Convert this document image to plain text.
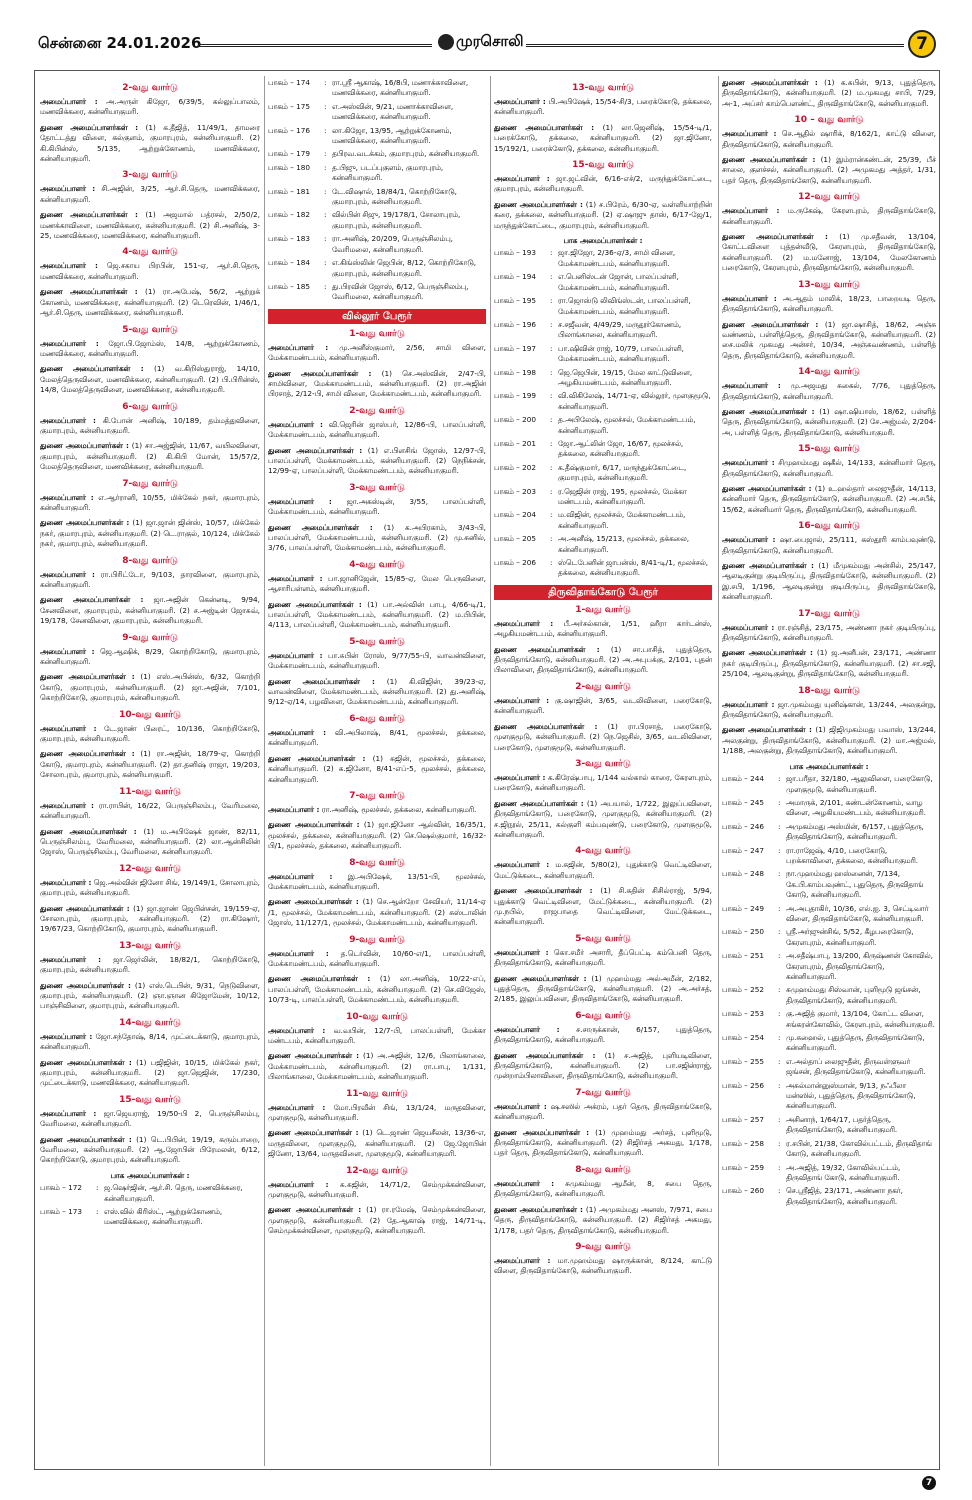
சென்னை 24.01.2026	முரசொலி	7
2-வது வார்டு
அமைப்பாளர் : அ.அருள் கிஜோ, 6/39/5, கல்லுப்பாலம், மணவிக்கரை, கன்னியாகுமரி.
துணை அமைப்பாளர்கள் : (1) க.தீஜித், 11/49/1, தாமரை தோட்டத்து விளை, கல்குளம், குமாரபுரம், கன்னியாகுமரி. (2) கி.கிபின்ஸ், 5/135, ஆற்றுக்கோணம், மணவிக்கரை, கன்னியாகுமரி.
3-வது வார்டு
அமைப்பாளர் : சி.அஜின், 3/25, ஆர்.சி.தெரு, மணவிக்கரை, கன்னியாகுமரி.
துணை அமைப்பாளர்கள் : (1) அஜமால் பத்ரசல், 2/50/2, மணக்காவிளை, மணவிக்கரை, கன்னியாகுமரி. (2) சி.அனிஷ், 3-25, மணவிக்கரை, மணவிக்கரை, கன்னியாகுமரி.
4-வது வார்டு
அமைப்பாளர் : ஜெ.சகாய பிரபின், 151-ஏ, ஆர்.சி.தெரு, மணவிக்கரை, கன்னியாகுமரி.
துணை அமைப்பாளர்கள் : (1) ரா.அபேஷ், 56/2, ஆற்றுக் கோணம், மணவிக்கரை, கன்னியாகுமரி. (2) டெரெவின், 1/46/1, ஆர்.சி.தெரு, மணவிக்கரை, கன்னியாகுமரி.
5-வது வார்டு
அமைப்பாளர் : ஜோ.பி.ஜோம்ஸ், 14/8, ஆற்றுக்கோணம், மணவிக்கரை, கன்னியாகுமரி.
துணை அமைப்பாளர்கள் : (1) வ.கிறிஸ்துராஜ், 14/10, மேலத்தெருவிளை, மணவிக்கரை, கன்னியாகுமரி. (2) பி.பிரின்ஸ், 14/8, மேலத்தெருவிளை, மணவிக்கரை, கன்னியாகுமரி.
6-வது வார்டு
அமைப்பாளர் : கி.போன் அனிஷ், 10/189, தம்மத்துவிளை, குமாரபுரம், கன்னியாகுமரி.
துணை அமைப்பாளர்கள் : (1) சா.அஜ்ஜின், 11/67, வயிலவிளை, குமாரபுரம், கன்னியாகுமரி. (2) கி.கிபி மோன், 15/57/2, மேலத்தெருவிளை, மணவிக்கரை, கன்னியாகுமரி.
7-வது வார்டு
அமைப்பாளர் : எ.ஆர்ரானி, 10/55, மிக்கேல் நகர், குமாரபுரம், கன்னியாகுமரி.
துணை அமைப்பாளர்கள் : (1) ஜா.ஜான் ஜின்ஸ், 10/57, மிக்கேல் நகர், குமாரபுரம், கன்னியாகுமரி. (2) டெ.ராகுல், 10/124, மிக்கேல் நகர், குமாரபுரம், கன்னியாகுமரி.
8-வது வார்டு
அமைப்பாளர் : ரா.பிரிட்டோ, 9/103, தாரவிளை, குமாரபுரம், கன்னியாகுமரி.
துணை அமைப்பாளர்கள் : ஜா.அஜின் கென்னடி, 9/94, சேனவிளை, குமாரபுரம், கன்னியாகுமரி. (2) ச.அஜ்டின் ஜோசுவ், 19/178, சேனவிளை, குமாரபுரம், கன்னியாகுமரி.
9-வது வார்டு
அமைப்பாளர் : ஜெ.ஆஷிக், 8/29, கொற்றிகோடு, குமாரபுரம், கன்னியாகுமரி.
துணை அமைப்பாளர்கள் : (1) எஸ்.அபின்ஸ், 6/32, கொற்றி கோடு, குமாரபுரம், கன்னியாகுமரி. (2) ஜா.அஜின், 7/101, கொற்றிகோடு, குமாரபுரம், கன்னியாகுமரி.
10-வது வார்டு
அமைப்பாளர் : டே.ஜாண் பிரைட், 10/136, கொற்றிகோடு, குமாரபுரம், கன்னியாகுமரி.
துணை அமைப்பாளர்கள் : (1) ரா.அஜின், 18/79-ஏ, கொற்றி கோடு, குமாரபுரம், கன்னியாகுமரி. (2) தா.தனிஷ் ராஜா, 19/203, சோலாபுரம், குமாரபுரம், கன்னியாகுமரி.
11-வது வார்டு
அமைப்பாளர் : ரா.ராபின், 16/22, பெருஞ்சிலம்பு, வேரிமலை, கன்னியாகுமரி.
துணை அமைப்பாளர்கள் : (1) ம.அபிஷேக் ஜாண், 82/11, பெருஞ்சிலம்பு, வேரிமலை, கன்னியாகுமரி. (2) லா.ஆன்சிலின் ஜோஸ், பெருஞ்சிலம்பு, வேரிமலை, கன்னியாகுமரி.
12-வது வார்டு
அமைப்பாளர் : ஜெ.அல்வின் ஜினோ சிங், 19/149/1, சோலாபுரம், குமாரபுரம், கன்னியாகுமரி.
துணை அமைப்பாளர்கள் : (1) ஜா.ஜாண் ஜெபின்சன், 19/159-ஏ, சோலாபுரம், குமாரபுரம், கன்னியாகுமரி. (2) ரா.கிஷோர், 19/67/23, கொற்றிகோடு, குமாரபுரம், கன்னியாகுமரி.
13-வது வார்டு
அமைப்பாளர் : ஜா.ஜெர்லின், 18/82/1, கொற்றிகோடு, குமாரபுரம், கன்னியாகுமரி.
துணை அமைப்பாளர்கள் : (1) எஸ்.டெபின், 9/31, நெடுவிளை, குமாரபுரம், கன்னியாகுமரி. (2) ஞா.ஞான கிஜோமேன், 10/12, பாஞ்சிவிளை, குமாரபுரம், கன்னியாகுமரி.
14-வது வார்டு
அமைப்பாளர் : ஜோ.சந்தோஷ், 8/14, முட்டைக்காடு, குமாரபுரம், கன்னியாகுமரி.
துணை அமைப்பாளர்கள் : (1) பஜிஜின், 10/15, மிக்கேல் நகர், குமாரபுரம், கன்னியாகுமரி. (2) ஜா.ஜெஜின், 17/230, முட்டைக்காடு, மணவிக்கரை, கன்னியாகுமரி.
15-வது வார்டு
அமைப்பாளர் : ஜா.ஜெயராஜ், 19/50-பி 2, பெருஞ்சிலம்பு, வேரிமலை, கன்னியாகுமரி.
துணை அமைப்பாளர்கள் : (1) டெ.பிபின், 19/19, கரும்பாறை, வேரிமலை, கன்னியாகுமரி. (2) ஆ.ஜோபின் பிரேமலன், 6/12, கொற்றிகோடு, குமாரபுரம், கன்னியாகுமரி.
பாக அமைப்பாளர்கள் :
பாகம் – 172	: ஜ.ஷெர்ஜின், ஆர்.சி. தெரு, மணவிக்கரை, கன்னியாகுமரி.
பாகம் – 173	: எஸ்.வில் கிரிஸ்ட், ஆற்றுக்கோணம், மணவிக்கரை, கன்னியாகுமரி.
பாகம் – 174	: ரா.ஸ்ரீ ஆகாஷ், 16/8பி, மணாக்காவிளை, மணவிக்கரை, கன்னியாகுமரி.
பாகம் – 175	: எ.அஸ்வின், 9/21, மணாக்காவிளை, மணவிக்கரை, கன்னியாகுமரி.
பாகம் – 176	: லா.கிஜோ, 13/95, ஆற்றுக்கோணம், மணவிக்கரை, கன்னியாகுமரி.
பாகம் – 179	: தபிரவ.வடக்கம், குமாரபுரம், கன்னியாகுமரி.
பாகம் – 180	: த.பிஜு, படப்புகுளம், குமாரபுரம், கன்னியாகுமரி.
பாகம் – 181	: டே.விஷால், 18/84/1, கொற்றிகோடு, குமாரபுரம், கன்னியாகுமரி.
பாகம் – 182	: வில்பின் சிஜு, 19/178/1, சோலாபுரம், குமாரபுரம், கன்னியாகுமரி.
பாகம் – 183	: ரா.அனிஷ், 20/209, பெருஞ்சிலம்பு, வேரிமலை, கன்னியாகுமரி.
பாகம் – 184	: எ.கிங்ஸ்லின் ஜெபின், 8/12, கொற்றிகோடு, குமாரபுரம், கன்னியாகுமரி.
பாகம் – 185	: து.பிரவின் ஜோஸ், 6/12, பெருஞ்சிலம்பு, வேரிமலை, கன்னியாகுமரி.
வில்லூர் பேரூர்
1-வது வார்டு
அமைப்பாளர் : மு.அனீஸ்குமார், 2/56, சாமி விளை, மேக்காமண்டபம், கன்னியாகுமரி.
துணை அமைப்பாளர்கள் : (1) செ.அஸ்வின், 2/47-பி, சாமிவிளை, மேக்காமண்டபம், கன்னியாகுமரி. (2) ரா.அஜின் பிரசாத், 2/12-பி, சாமி விளை, மேக்காமண்டபம், கன்னியாகுமரி.
2-வது வார்டு
அமைப்பாளர் : வி.ஜெரின் ஜாஸ்பர், 12/86-பி, பாலப்பள்ளி, மேக்காமண்டபம், கன்னியாகுமரி.
துணை அமைப்பாளர்கள் : (1) எ.பிளசிங் ஜோஸ், 12/97-பி, பாலப்பள்ளி, மேக்காமண்டபம், கன்னியாகுமரி. (2) நெநிக்சன், 12/99-ஏ, பாலப்பள்ளி, மேக்காமண்டபம், கன்னியாகுமரி.
3-வது வார்டு
அமைப்பாளர் : ஜா.அகஸ்டின், 3/55, பாலப்பள்ளி, மேக்காமண்டபம், கன்னியாகுமரி.
துணை அமைப்பாளர்கள் : (1) க.அபிரகாம், 3/43-பி, பாலப்பள்ளி, மேக்காமண்டபம், கன்னியாகுமரி. (2) மு.சுனில், 3/76, பாலப்பள்ளி, மேக்காமண்டபம், கன்னியாகுமரி.
4-வது வார்டு
அமைப்பாளர் : பா.ஜானிஜேன், 15/85-ஏ, மேல பெருவிளை, ஆசாரிபள்ளம், கன்னியாகுமரி.
துணை அமைப்பாளர்கள் : (1) பா.அல்வின் பாபு, 4/66-டி/1, பாலப்பள்ளி, மேக்காமண்டபம், கன்னியாகுமரி. (2) ம.பிபின், 4/113, பாலப்பள்ளி, மேக்காமண்டபம், கன்னியாகுமரி.
5-வது வார்டு
அமைப்பாளர் : பா.சுபின் ரோஸ், 9/77/55-பி, வாவன்விளை, மேக்காமண்டபம், கன்னியாகுமரி.
துணை அமைப்பாளர்கள் : (1) கி.விஜின், 39/23-ஏ, வாவன்விளை, மேக்காமண்டபம், கன்னியாகுமரி. (2) து.அனிஷ், 9/12-ஏ/14, பழவிளை, மேக்காமண்டபம், கன்னியாகுமரி.
6-வது வார்டு
அமைப்பாளர் : வி.அபிலாஷ், 8/41, மூலச்சல், தக்கலை, கன்னியாகுமரி.
துணை அமைப்பாளர்கள் : (1) சுஜின், மூலச்சல், தக்கலை, கன்னியாகுமரி. (2) க.ஜினோ, 8/41-எப்-5, மூலச்சல், தக்கலை, கன்னியாகுமரி.
7-வது வார்டு
அமைப்பாளர் : ரா.அனிஷ், மூலச்சல், தக்கலை, கன்னியாகுமரி.
துணை அமைப்பாளர்கள் : (1) ஜா.ஜினோ ஆல்வின், 16/35/1, மூலச்சல், தக்கலை, கன்னியாகுமரி. (2) செ.ஷெல்குமார், 16/32-பி/1, மூலச்சல், தக்கலை, கன்னியாகுமரி.
8-வது வார்டு
அமைப்பாளர் : இ.அபிஷேக், 13/51-பி, மூலச்சல், மேக்காமண்டபம், கன்னியாகுமரி.
துணை அமைப்பாளர்கள் : (1) செ.ஆன்றோ சேவியர், 11/14-ஏ /1, மூலச்சல், மேக்காமண்டபம், கன்னியாகுமரி. (2) சுஸ்டாலின் ஜோஸ், 11/127/1, மூலச்சல், மேக்காமண்டபம், கன்னியாகுமரி.
9-வது வார்டு
அமைப்பாளர் : த.டெர்வின், 10/60-எ/1, பாலப்பள்ளி, மேக்காமண்டபம், கன்னியாகுமரி.
துணை அமைப்பாளர்கள் : (1) லா.அனிஷ், 10/22-எப், பாலப்பள்ளி, மேக்காமண்டபம், கன்னியாகுமரி. (2) செ.விஜேஸ், 10/73-டி, பாலப்பள்ளி, மேக்காமண்டபம், கன்னியாகுமரி.
10-வது வார்டு
அமைப்பாளர் : வ.வபின், 12/7-பி, பாலப்பள்ளி, மேக்கா மண்டபம், கன்னியாகுமரி.
துணை அமைப்பாளர்கள் : (1) அ.அஜின், 12/6, பிலாங்காலை, மேக்காமண்டபம், கன்னியாகுமரி. (2) ரா.பாபு, 1/131, பிலாங்காலை, மேக்காமண்டபம், கன்னியாகுமரி.
11-வது வார்டு
அமைப்பாளர் : மோ.பிரவீன் சிங், 13/1/24, மருதவிளை, முளகுமூடு, கன்னியாகுமரி.
துணை அமைப்பாளர்கள் : (1) டெ.ஜாண் ஜெயசீலன், 13/36-எ, மருதவிளை, முளகுமூடு, கன்னியாகுமரி. (2) ஜே.ஜோபின் ஜினோ, 13/64, மருதவிளை, முளகுமூடு, கன்னியாகுமரி.
12-வது வார்டு
அமைப்பாளர் : சு.சுஜின், 14/71/2, செம்முக்கன்விளை, முளகுமூடு, கன்னியாகுமரி.
துணை அமைப்பாளர்கள் : (1) ரா.ரமேஷ், செம்முக்கன்விளை, முளகுமூடு, கன்னியாகுமரி. (2) தே.ஆகாஷ் ராஜ், 14/71-டி, செம்முக்கன்விளை, முளகுமூடு, கன்னியாகுமரி.
13-வது வார்டு
அமைப்பாளர் : பி.அபிஷேக், 15/54-சி/3, பரைக்கோடு, தக்கலை, கன்னியாகுமரி.
துணை அமைப்பாளர்கள் : (1) லா.ஜெனிஷ், 15/54-டி/1, பரைக்கோடு, தக்கலை, கன்னியாகுமரி. (2) ஜா.ஜினோ, 15/192/1, பரைக்கோடு, தக்கலை, கன்னியாகுமரி.
15-வது வார்டு
அமைப்பாளர் : ஜா.ஜட்வின், 6/16-எச்/2, மருந்துக்கோட்டை, குமாரபுரம், கன்னியாகுமரி.
துணை அமைப்பாளர்கள் : (1) ச.பிரேம், 6/30-ஏ, வள்ளியாற்றின் கரை, தக்கலை, கன்னியாகுமரி. (2) ஏ.ஷாஜு தாஸ், 6/17-ஜே/1, மருந்துக்கோட்டை, குமாரபுரம், கன்னியாகுமரி.
பாக அமைப்பாளர்கள் :
பாகம் – 193	: ஜா.ஜிஜோ, 2/36-ஏ/3, சாமி விளை, மேக்காமண்டபம், கன்னியாகுமரி.
பாகம் – 194	: எ.பெனிஸ்டன் ஜோன், பாலப்பள்ளி, மேக்காமண்டபம், கன்னியாகுமரி.
பாகம் – 195	: ரா.ஜொஸ்டு லிவிங்ஸ்டன், பாலப்பள்ளி, மேக்காமண்டபம், கன்னியாகுமரி.
பாகம் – 196	: ச.சஜீவன், 4/49/29, மருதூர்கோணம், பிலாங்காலை, கன்னியாகுமரி.
பாகம் – 197	: பா.ஷிவின் ராஜ், 10/79, பாலப்பள்ளி, மேக்காமண்டபம், கன்னியாகுமரி.
பாகம் – 198	: ஜெ.ஜெபின், 19/15, மேல காட்டுவிளை, அழகியமண்டபம், கன்னியாகுமரி.
பாகம் – 199	: வி.விகிலேஷ், 14/71-ஏ, வில்லூர், முளகுமூடு, கன்னியாகுமரி.
பாகம் – 200	: த.அபிலேஷ், மூலச்சல், மேக்காமண்டபம், கன்னியாகுமரி.
பாகம் – 201	: ஜோ.ஆட்லின் ஜோ, 16/67, மூலச்சல், தக்கலை, கன்னியாகுமரி.
பாகம் – 202	: க.தீஷ்குமார், 6/17, மருந்துக்கோட்டை, குமாரபுரம், கன்னியாகுமரி.
பாகம் – 203	: ர.ஜெஜின் ராஜ், 195, மூலச்சல், மேக்கா மண்டபம், கன்னியாகுமரி.
பாகம் – 204	: ம.விஜின், மூலச்சல், மேக்காமண்டபம், கன்னியாகுமரி.
பாகம் – 205	: அ.அனீஷ், 15/213, மூலச்சல், தக்கலை, கன்னியாகுமரி.
பாகம் – 206	: ஸ்டெபேனின் ஜாபன்ஸ், 8/41-டி/1, மூலச்சல், தக்கலை, கன்னியாகுமரி.
திருவிதாங்கோடு பேரூர்
1-வது வார்டு
அமைப்பாளர் : பீ.அர்சல்கான், 1/51, ஹீரா கார்டன்ஸ், அழகியமண்டபம், கன்னியாகுமரி.
துணை அமைப்பாளர்கள் : (1) சா.பாசித், புதுத்தெரு, திருவிதாங்கோடு, கன்னியாகுமரி. (2) அ.அபுபக்கு, 2/101, புதன் பிலாவிளை, திருவிதாங்கோடு, கன்னியாகுமரி.
2-வது வார்டு
அமைப்பாளர் : கு.ஷாஜின், 3/65, வடலிவிளை, பரைகோடு, கன்னியாகுமரி.
துணை அமைப்பாளர்கள் : (1) ரா.பிரசாத், பரைகோடு, முளகுமூடு, கன்னியாகுமரி. (2) நெ.ஜெசில், 3/65, வடலிவிளை, பரைகோடு, முளகுமூடு, கன்னியாகுமரி.
3-வது வார்டு
அமைப்பாளர் : க.கிரேஷ்பாபு, 1/144 வல்கால் காரை, கேரளபுரம், பரைகோடு, கன்னியாகுமரி.
துணை அமைப்பாளர்கள் : (1) அபயால், 1/722, இலுப்பவிளை, திருவிதாங்கோடு, பரைகோடு, முளகுமூடு, கன்னியாகுமரி. (2) ச.ஜிநூல், 25/11, கல்குளி கம்பவுண்டு, பரைகோடு, முளகுமூடு, கன்னியாகுமரி.
4-வது வார்டு
அமைப்பாளர் : ம.சுஜின், 5/80(2), புதுக்காடு வெட்டிவிளை, மேட்டுக்கடை, கன்னியாகுமரி.
துணை அமைப்பாளர்கள் : (1) சி.சுதின் சிசில்ராஜ், 5/94, புதுக்காடு வெட்டிவிளை, மேட்டுக்கடை, கன்னியாகுமரி. (2) மு.நபில், ராஜபாதை வெட்டிவிளை, மேட்டுக்கடை, கன்னியாகுமரி.
5-வது வார்டு
அமைப்பாளர் : கொ.சமீர் அசாரி, தீப்பெட்டி கம்பெனி தெரு, திருவிதாங்கோடு, கன்னியாகுமரி.
துணை அமைப்பாளர்கள் : (1) முஹம்மது அல்அமீன், 2/182, புதுத்தெரு, திருவிதாங்கோடு, கன்னியாகுமரி. (2) அ.அர்சத், 2/185, இலுப்பவிளை, திருவிதாங்கோடு, கன்னியாகுமரி.
6-வது வார்டு
அமைப்பாளர் : ச.சாருக்கான், 6/157, புதுத்தெரு, திருவிதாங்கோடு, கன்னியாகுமரி.
துணை அமைப்பாளர்கள் : (1) ச.அஜித், புளியடிவிளை, திருவிதாங்கோடு, கன்னியாகுமரி. (2) பா.சஜின்ராஜ், முன்றாம்பிலாவிளை, திருவிதாங்கோடு, கன்னியாகுமரி.
7-வது வார்டு
அமைப்பாளர் : ஷ.சஸில் அக்ரம், பதர் தெரு, திருவிதாங்கோடு, கன்னியாகுமரி.
துணை அமைப்பாளர்கள் : (1) முஹம்மது அர்சத், புளிமூடு, திருவிதாங்கோடு, கன்னியாகுமரி. (2) சிஜிர்சத் அகமது, 1/178, பதர் தெரு, திருவிதாங்கோடு, கன்னியாகுமரி.
8-வது வார்டு
அமைப்பாளர் : சுமுகம்மது ஆமீன், 8, சபை தெரு, திருவிதாங்கோடு, கன்னியாகுமரி.
துணை அமைப்பாளர்கள் : (1) அமுகம்மது அனஸ், 7/971, சபை தெரு, திருவிதாங்கோடு, கன்னியாகுமரி. (2) சிஜிர்சத் அகமது, 1/178, பதர் தெரு, திருவிதாங்கோடு, கன்னியாகுமரி.
9-வது வார்டு
அமைப்பாளர் : மா.முஹம்மது ஷாருக்கான், 8/124, காட்டு விளை, திருவிதாங்கோடு, கன்னியாகுமரி.
துணை அமைப்பாளர்கள் : (1) க.சுபின், 9/13, புதுத்தெரு, திருவிதாங்கோடு, கன்னியாகுமரி. (2) ம.முகமது சாபி, 7/29, அ-1, அப்சர் காம்பௌண்ட், திருவிதாங்கோடு, கன்னியாகுமரி.
10 – வது வார்டு
அமைப்பாளர் : செ.ஆதில் ஷாரிக், 8/162/1, காட்டு விளை, திருவிதாங்கோடு, கன்னியாகுமரி.
துணை அமைப்பாளர்கள் : (1) இம்ரான்கண்டன், 25/39, பீச் சாலை, குளச்சல், கன்னியாகுமரி. (2) அமுகமது அத்தர், 1/31, பதர் தெரு, திருவிதாங்கோடு, கன்னியாகுமரி.
12-வது வார்டு
அமைப்பாளர் : ம.ருகேஷ், கேரளபுரம், திருவிதாங்கோடு, கன்னியாகுமரி.
துணை அமைப்பாளர்கள் : (1) மு.சதீவன், 13/104, கோட்டவிளை புத்தன்வீடு, கேரளபுரம், திருவிதாங்கோடு, கன்னியாகுமரி. (2) ம.மனோஜ், 13/104, மேலகோணம் பரைகோடு, கேரளபுரம், திருவிதாங்கோடு, கன்னியாகுமரி.
13-வது வார்டு
அமைப்பாளர் : அ.ஆதம் மாலிக், 18/23, பாறையடி தெரு, திருவிதாங்கோடு, கன்னியாகுமரி.
துணை அமைப்பாளர்கள் : (1) ஜா.ஷாசித், 18/62, அஞ்சு வண்ணம், பள்ளித்தெரு, திருவிதாங்கோடு, கன்னியாகுமரி. (2) சை.மலிக் முகமது அன்சர், 10/34, அஞ்சுவண்ணம், பள்ளித் தெரு, திருவிதாங்கோடு, கன்னியாகுமரி.
14-வது வார்டு
அமைப்பாளர் : மு.அஜமது சுகைல், 7/76, புதுத்தெரு, திருவிதாங்கோடு, கன்னியாகுமரி.
துணை அமைப்பாளர்கள் : (1) ஷா.ஷியாஸ், 18/62, பள்ளித் தெரு, திருவிதாங்கோடு, கன்னியாகுமரி. (2) சே.அஜ்மல், 2/204-அ, பள்ளித் தெரு, திருவிதாங்கோடு, கன்னியாகுமரி.
15-வது வார்டு
அமைப்பாளர் : சிமுஹம்மது ஷகீல், 14/133, கன்னிமார் தெரு, திருவிதாங்கோடு, கன்னியாகுமரி.
துணை அமைப்பாளர்கள் : (1) உ.ஹல்தார் லைஜுதீன், 14/113, கன்னிமார் தெரு, திருவிதாங்கோடு, கன்னியாகுமரி. (2) அ.சபீக், 15/62, கன்னிமார் தெரு, திருவிதாங்கோடு, கன்னியாகுமரி.
16-வது வார்டு
அமைப்பாளர் : ஷா.பைஜால், 25/111, கஸ்தூரி காம்பவுண்டு, திருவிதாங்கோடு, கன்னியாகுமரி.
துணை அமைப்பாளர்கள் : (1) மீமுகம்மது அன்சில், 25/147, ஆலடிகுன்று குடியிருப்பு, திருவிதாங்கோடு, கன்னியாகுமரி. (2) இ.சபி, 1/196, ஆலடிகுன்று குடியிருப்பு, திருவிதாங்கோடு, கன்னியாகுமரி.
17-வது வார்டு
அமைப்பாளர் : ரா.ரஞ்சித், 23/175, அண்ணா நகர் குடியிருப்பு, திருவிதாங்கோடு, கன்னியாகுமரி.
துணை அமைப்பாளர்கள் : (1) ஜ.அனீபன், 23/171, அண்ணா நகர் குடியிருப்பு, திருவிதாங்கோடு, கன்னியாகுமரி. (2) சா.சஜி, 25/104, ஆலடிகுன்று, திருவிதாங்கோடு, கன்னியாகுமரி.
18-வது வார்டு
அமைப்பாளர் : ஜா.முகம்மது யுனிஷ்கான், 13/244, அலகுன்று, திருவிதாங்கோடு, கன்னியாகுமரி.
துணை அமைப்பாளர்கள் : (1) ஜிஜிமுகம்மது பவாஸ், 13/244, அலகுன்று, திருவிதாங்கோடு, கன்னியாகுமரி. (2) மா.அஜ்மல், 1/188, அலகுன்று, திருவிதாங்கோடு, கன்னியாகுமரி.
பாக அமைப்பாளர்கள் :
பாகம் – 244	: ஜா.பரீதா, 32/180, ஆலுவிளை, பரைகோடு, முளகுமூடு, கன்னியாகுமரி.
பாகம் – 245	: அமாருக், 2/101, கண்டன்கோணம், வாழ விளை, அழகியமண்டபம், கன்னியாகுமரி.
பாகம் – 246	: அமுகம்மது அஸ்மின், 6/157, புதுத்தெரு, திருவிதாங்கோடு, கன்னியாகுமரி.
பாகம் – 247	: ரா.ராஜேஷ், 4/10, பரைகோடு, பறக்காவிளை, தக்கலை, கன்னியாகுமரி.
பாகம் – 248	: நா.முஹம்மது ஹஸ்னைன், 7/134, கே.பி.காம்பவுண்ட், புதுதெரு, திருவிதாங் கோடு, கன்னியாகுமரி.
பாகம் – 249	: அ.அபுதாகிர், 10/36, எல்.ஐ. 3, செட்டிவார் விளை, திருவிதாங்கோடு, கன்னியாகுமரி.
பாகம் – 250	: ஸ்ரீ.அர்ஜுன்சிங், 5/52, கீழபரைகோடு, கேரளபுரம், கன்னியாகுமரி.
பாகம் – 251	: அ.சதீஷ்பாபு, 13/200, கிருஷ்ணன் கோவில், கேரளபுரம், திருவிதாங்கோடு, கன்னியாகுமரி.
பாகம் – 252	: சுமுஹம்மது சிஸ்வான், புளிமூடு ஜங்சன், திருவிதாங்கோடு, கன்னியாகுமரி.
பாகம் – 253	: கு.அஜித் குமார், 13/104, கோட்ட விளை, சங்கரன்கோவில், கேரளபுரம், கன்னியாகுமரி.
பாகம் – 254	: மு.சுஹைல், புதுத்தெரு, திருவிதாங்கோடு, கன்னியாகுமரி.
பாகம் – 255	: எ.அல்தாப் லைஜுதீன், திருவள்ளுவர் ஜங்சன், திருவிதாங்கோடு, கன்னியாகுமரி.
பாகம் – 256	: அசுல்மான்னுஸ்மான், 9/13, நஃபீலா மன்ஸில், புதுத்தெரு, திருவிதாங்கோடு, கன்னியாகுமரி.
பாகம் – 257	: அசினாந், 1/64/17, பதர்த்தெரு, திருவிதாங்கோடு, கன்னியாகுமரி.
பாகம் – 258	: ர.சபின், 21/38, கோவில்பட்டம், திருவிதாங் கோடு, கன்னியாகுமரி.
பாகம் – 259	: அ.அஜித், 19/32, கோவில்பட்டம், திருவிதாங் கோடு, கன்னியாகுமரி.
பாகம் – 260	: செ.ஸ்ரீஜித், 23/171, அண்ணா நகர், திருவிதாங்கோடு, கன்னியாகுமரி.
7
